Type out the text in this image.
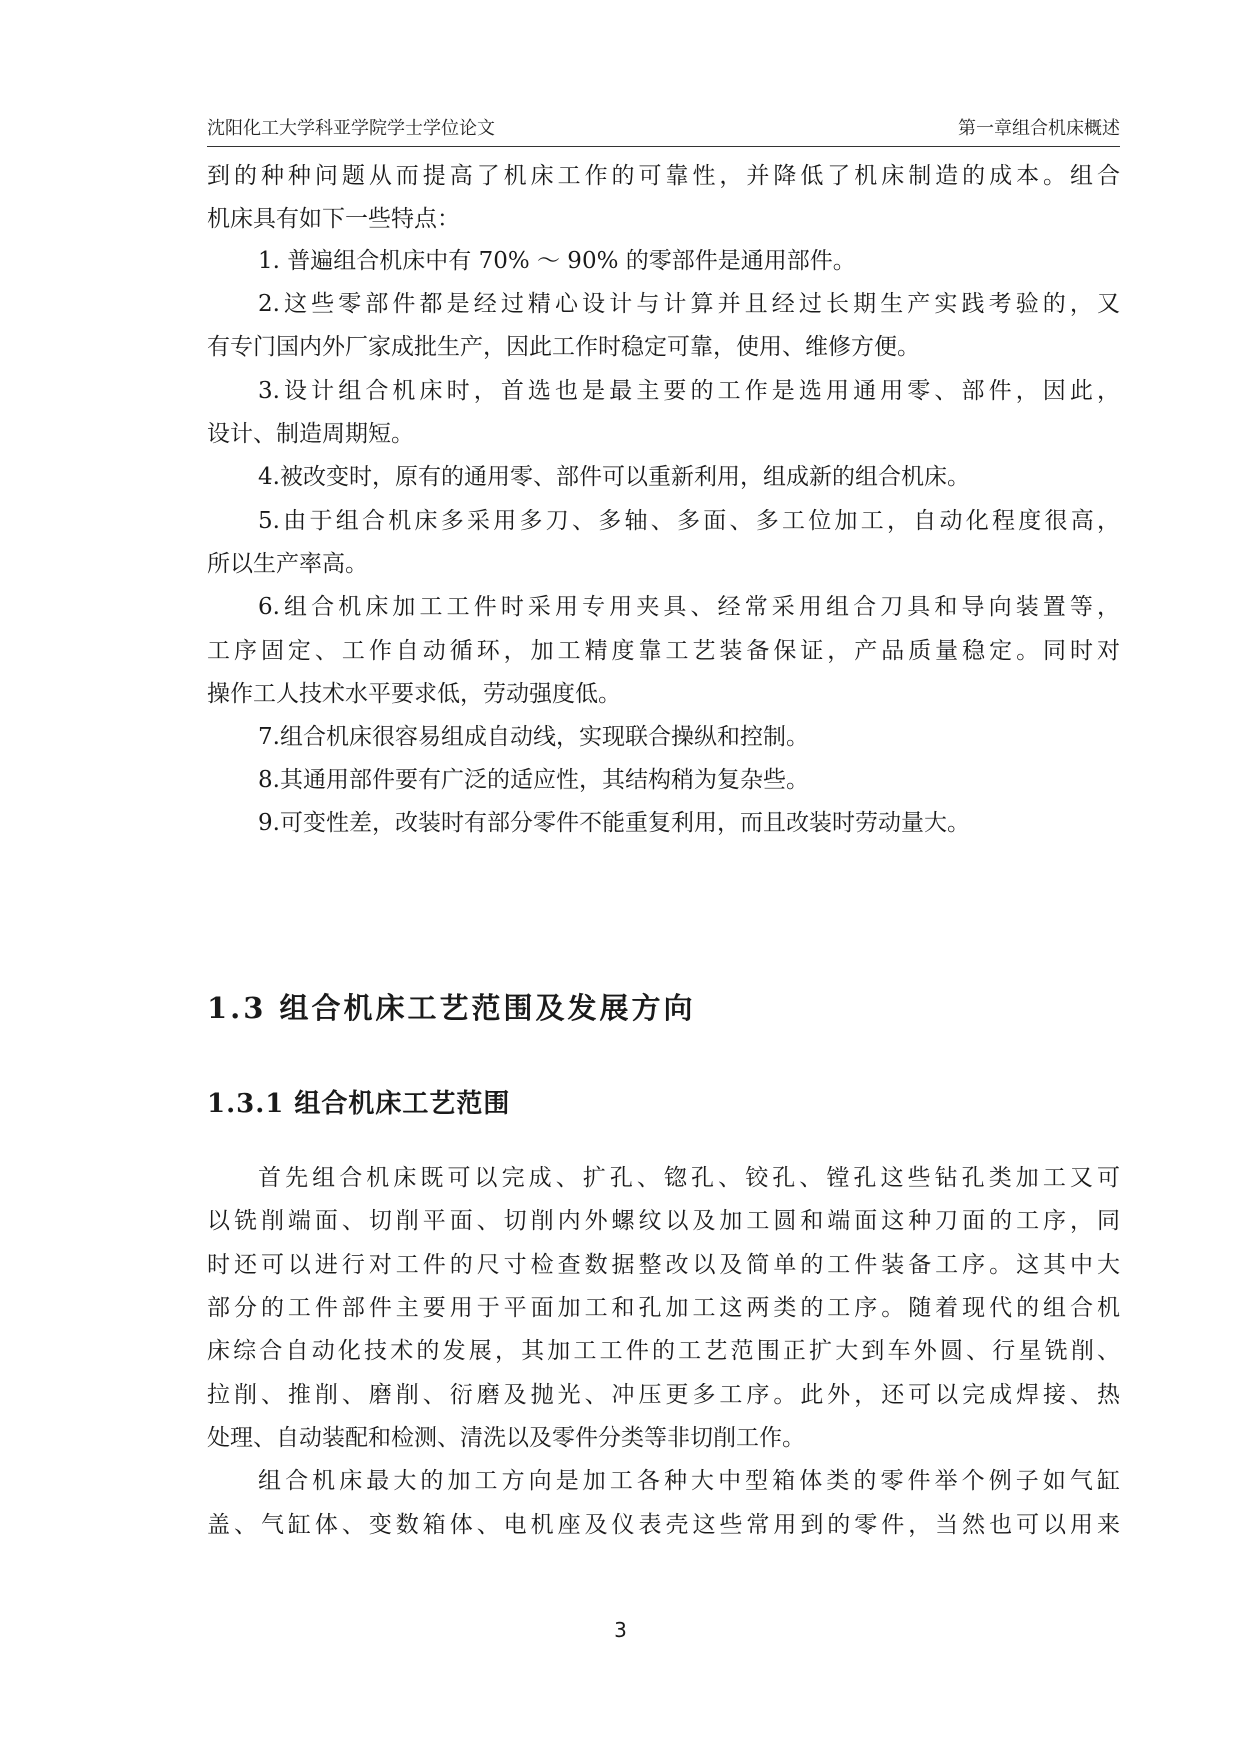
沈阳化工大学科亚学院学士学位论文	第一章组合机床概述
到的种种问题从而提高了机床工作的可靠性，并降低了机床制造的成本。组合
机床具有如下一些特点：
1. 普遍组合机床中有 70% ～ 90% 的零部件是通用部件。
2.这些零部件都是经过精心设计与计算并且经过长期生产实践考验的，又
有专门国内外厂家成批生产，因此工作时稳定可靠，使用、维修方便。
3.设计组合机床时，首选也是最主要的工作是选用通用零、部件，因此，
设计、制造周期短。
4.被改变时，原有的通用零、部件可以重新利用，组成新的组合机床。
5.由于组合机床多采用多刀、多轴、多面、多工位加工，自动化程度很高，
所以生产率高。
6.组合机床加工工件时采用专用夹具、经常采用组合刀具和导向装置等，
工序固定、工作自动循环，加工精度靠工艺装备保证，产品质量稳定。同时对
操作工人技术水平要求低，劳动强度低。
7.组合机床很容易组成自动线，实现联合操纵和控制。
8.其通用部件要有广泛的适应性，其结构稍为复杂些。
9.可变性差，改装时有部分零件不能重复利用，而且改装时劳动量大。
1.3 组合机床工艺范围及发展方向
1.3.1 组合机床工艺范围
首先组合机床既可以完成、扩孔、锪孔、铰孔、镗孔这些钻孔类加工又可
以铣削端面、切削平面、切削内外螺纹以及加工圆和端面这种刀面的工序，同
时还可以进行对工件的尺寸检查数据整改以及简单的工件装备工序。这其中大
部分的工件部件主要用于平面加工和孔加工这两类的工序。随着现代的组合机
床综合自动化技术的发展，其加工工件的工艺范围正扩大到车外圆、行星铣削、
拉削、推削、磨削、衍磨及抛光、冲压更多工序。此外，还可以完成焊接、热
处理、自动装配和检测、清洗以及零件分类等非切削工作。
组合机床最大的加工方向是加工各种大中型箱体类的零件举个例子如气缸
盖、气缸体、变数箱体、电机座及仪表壳这些常用到的零件，当然也可以用来
3
